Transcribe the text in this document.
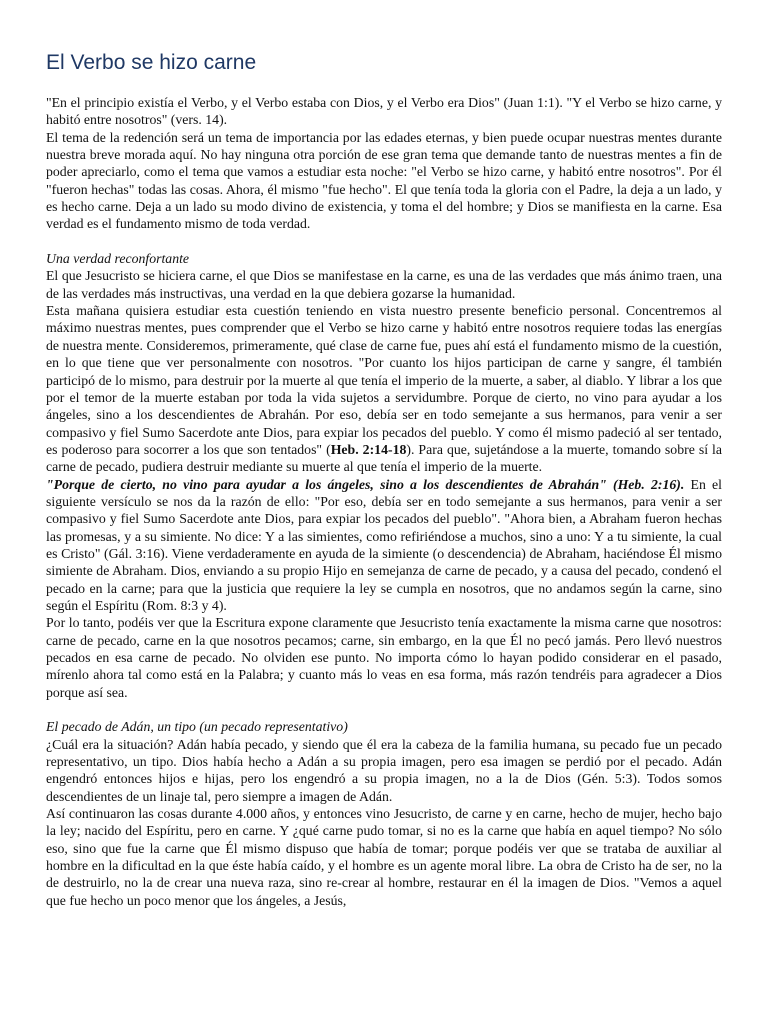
El Verbo se hizo carne

"En el principio existía el Verbo, y el Verbo estaba con Dios, y el Verbo era Dios" (Juan 1:1). "Y el Verbo se hizo carne, y habitó entre nosotros" (vers. 14).

El tema de la redención será un tema de importancia por las edades eternas, y bien puede ocupar nuestras mentes durante nuestra breve morada aquí. No hay ninguna otra porción de ese gran tema que demande tanto de nuestras mentes a fin de poder apreciarlo, como el tema que vamos a estudiar esta noche: "el Verbo se hizo carne, y habitó entre nosotros". Por él "fueron hechas" todas las cosas. Ahora, él mismo "fue hecho". El que tenía toda la gloria con el Padre, la deja a un lado, y es hecho carne. Deja a un lado su modo divino de existencia, y toma el del hombre; y Dios se manifiesta en la carne. Esa verdad es el fundamento mismo de toda verdad.

Una verdad reconfortante

El que Jesucristo se hiciera carne, el que Dios se manifestase en la carne, es una de las verdades que más ánimo traen, una de las verdades más instructivas, una verdad en la que debiera gozarse la humanidad.

Esta mañana quisiera estudiar esta cuestión teniendo en vista nuestro presente beneficio personal. Concentremos al máximo nuestras mentes, pues comprender que el Verbo se hizo carne y habitó entre nosotros requiere todas las energías de nuestra mente. Consideremos, primeramente, qué clase de carne fue, pues ahí está el fundamento mismo de la cuestión, en lo que tiene que ver personalmente con nosotros. "Por cuanto los hijos participan de carne y sangre, él también participó de lo mismo, para destruir por la muerte al que tenía el imperio de la muerte, a saber, al diablo. Y librar a los que por el temor de la muerte estaban por toda la vida sujetos a servidumbre. Porque de cierto, no vino para ayudar a los ángeles, sino a los descendientes de Abrahán. Por eso, debía ser en todo semejante a sus hermanos, para venir a ser compasivo y fiel Sumo Sacerdote ante Dios, para expiar los pecados del pueblo. Y como él mismo padeció al ser tentado, es poderoso para socorrer a los que son tentados" (Heb. 2:14-18). Para que, sujetándose a la muerte, tomando sobre sí la carne de pecado, pudiera destruir mediante su muerte al que tenía el imperio de la muerte.

"Porque de cierto, no vino para ayudar a los ángeles, sino a los descendientes de Abrahán" (Heb. 2:16). En el siguiente versículo se nos da la razón de ello: "Por eso, debía ser en todo semejante a sus hermanos, para venir a ser compasivo y fiel Sumo Sacerdote ante Dios, para expiar los pecados del pueblo". "Ahora bien, a Abraham fueron hechas las promesas, y a su simiente. No dice: Y a las simientes, como refiriéndose a muchos, sino a uno: Y a tu simiente, la cual es Cristo" (Gál. 3:16). Viene verdaderamente en ayuda de la simiente (o descendencia) de Abraham, haciéndose Él mismo simiente de Abraham. Dios, enviando a su propio Hijo en semejanza de carne de pecado, y a causa del pecado, condenó el pecado en la carne; para que la justicia que requiere la ley se cumpla en nosotros, que no andamos según la carne, sino según el Espíritu (Rom. 8:3 y 4).

Por lo tanto, podéis ver que la Escritura expone claramente que Jesucristo tenía exactamente la misma carne que nosotros: carne de pecado, carne en la que nosotros pecamos; carne, sin embargo, en la que Él no pecó jamás. Pero llevó nuestros pecados en esa carne de pecado. No olviden ese punto. No importa cómo lo hayan podido considerar en el pasado, mírenlo ahora tal como está en la Palabra; y cuanto más lo veas en esa forma, más razón tendréis para agradecer a Dios porque así sea.

El pecado de Adán, un tipo (un pecado representativo)

¿Cuál era la situación? Adán había pecado, y siendo que él era la cabeza de la familia humana, su pecado fue un pecado representativo, un tipo. Dios había hecho a Adán a su propia imagen, pero esa imagen se perdió por el pecado. Adán engendró entonces hijos e hijas, pero los engendró a su propia imagen, no a la de Dios (Gén. 5:3). Todos somos descendientes de un linaje tal, pero siempre a imagen de Adán.

Así continuaron las cosas durante 4.000 años, y entonces vino Jesucristo, de carne y en carne, hecho de mujer, hecho bajo la ley; nacido del Espíritu, pero en carne. Y ¿qué carne pudo tomar, si no es la carne que había en aquel tiempo? No sólo eso, sino que fue la carne que Él mismo dispuso que había de tomar; porque podéis ver que se trataba de auxiliar al hombre en la dificultad en la que éste había caído, y el hombre es un agente moral libre. La obra de Cristo ha de ser, no la de destruirlo, no la de crear una nueva raza, sino re-crear al hombre, restaurar en él la imagen de Dios. "Vemos a aquel que fue hecho un poco menor que los ángeles, a Jesús,
